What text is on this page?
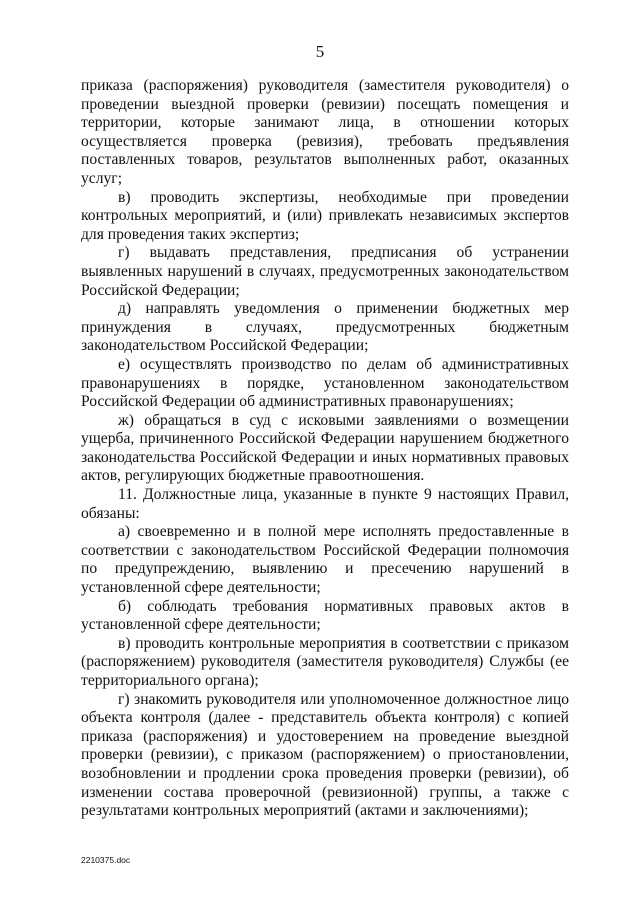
5

приказа (распоряжения) руководителя (заместителя руководителя) о проведении выездной проверки (ревизии) посещать помещения и территории, которые занимают лица, в отношении которых осуществляется проверка (ревизия), требовать предъявления поставленных товаров, результатов выполненных работ, оказанных услуг;

в) проводить экспертизы, необходимые при проведении контрольных мероприятий, и (или) привлекать независимых экспертов для проведения таких экспертиз;

г) выдавать представления, предписания об устранении выявленных нарушений в случаях, предусмотренных законодательством Российской Федерации;

д) направлять уведомления о применении бюджетных мер принуждения в случаях, предусмотренных бюджетным законодательством Российской Федерации;

е) осуществлять производство по делам об административных правонарушениях в порядке, установленном законодательством Российской Федерации об административных правонарушениях;

ж) обращаться в суд с исковыми заявлениями о возмещении ущерба, причиненного Российской Федерации нарушением бюджетного законодательства Российской Федерации и иных нормативных правовых актов, регулирующих бюджетные правоотношения.

11. Должностные лица, указанные в пункте 9 настоящих Правил, обязаны:

а) своевременно и в полной мере исполнять предоставленные в соответствии с законодательством Российской Федерации полномочия по предупреждению, выявлению и пресечению нарушений в установленной сфере деятельности;

б) соблюдать требования нормативных правовых актов в установленной сфере деятельности;

в) проводить контрольные мероприятия в соответствии с приказом (распоряжением) руководителя (заместителя руководителя) Службы (ее территориального органа);

г) знакомить руководителя или уполномоченное должностное лицо объекта контроля (далее - представитель объекта контроля) с копией приказа (распоряжения) и удостоверением на проведение выездной проверки (ревизии), с приказом (распоряжением) о приостановлении, возобновлении и продлении срока проведения проверки (ревизии), об изменении состава проверочной (ревизионной) группы, а также с результатами контрольных мероприятий (актами и заключениями);

2210375.doc
